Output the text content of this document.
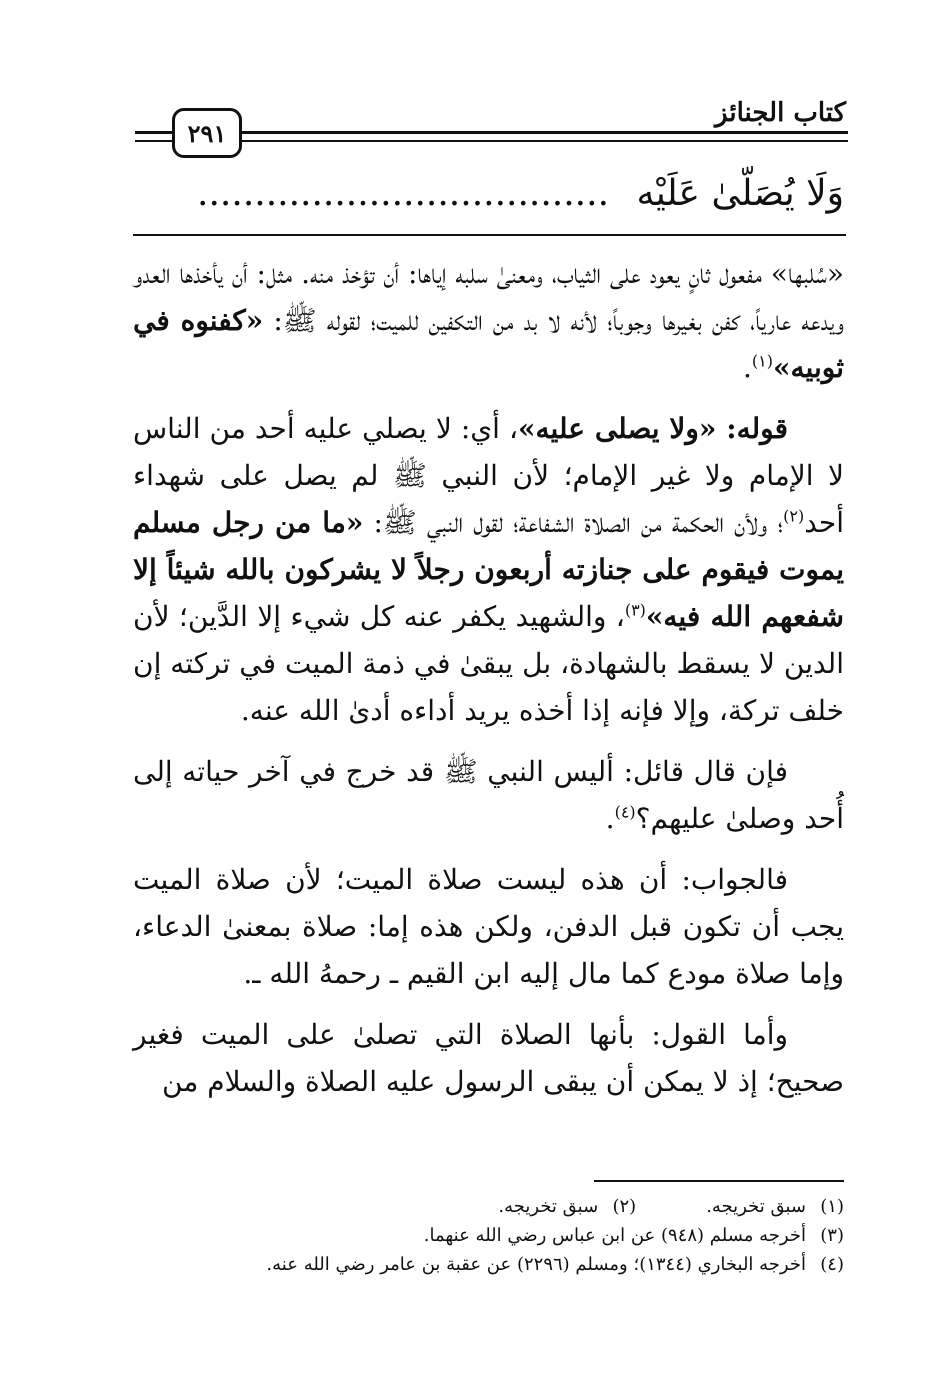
كتاب الجنائز
٢٩١
وَلَا يُصَلَّىٰ عَلَيْه ....................................

«سُلبها» مفعول ثانٍ يعود على الثياب، ومعنىٰ سلبه إياها: أن تؤخذ منه. مثل: أن يأخذها العدو ويدعه عارياً، كفن بغيرها وجوباً؛ لأنه لا بد من التكفين للميت؛ لقوله ﷺ: «كفنوه في ثوبيه»$^{(١)}$.

قوله: «ولا يصلى عليه»، أي: لا يصلي عليه أحد من الناس لا الإمام ولا غير الإمام؛ لأن النبي ﷺ لم يصل على شهداء أحد$^{(٢)}$؛ ولأن الحكمة من الصلاة الشفاعة؛ لقول النبي ﷺ: «ما من رجل مسلم يموت فيقوم على جنازته أربعون رجلاً لا يشركون بالله شيئاً إلا شفعهم الله فيه»$^{(٣)}$، والشهيد يكفر عنه كل شيء إلا الدَّين؛ لأن الدين لا يسقط بالشهادة، بل يبقىٰ في ذمة الميت في تركته إن خلف تركة، وإلا فإنه إذا أخذه يريد أداءه أدىٰ الله عنه.

فإن قال قائل: أليس النبي ﷺ قد خرج في آخر حياته إلى أُحد وصلىٰ عليهم؟$^{(٤)}$.

فالجواب: أن هذه ليست صلاة الميت؛ لأن صلاة الميت يجب أن تكون قبل الدفن، ولكن هذه إما: صلاة بمعنىٰ الدعاء، وإما صلاة مودع كما مال إليه ابن القيم ـ رحمهُ الله ـ.

وأما القول: بأنها الصلاة التي تصلىٰ على الميت فغير صحيح؛ إذ لا يمكن أن يبقى الرسول عليه الصلاة والسلام من

(١)سبق تخريجه.
(٢)سبق تخريجه.
(٣)أخرجه مسلم (٩٤٨) عن ابن عباس رضي الله عنهما.
(٤)أخرجه البخاري (١٣٤٤)؛ ومسلم (٢٢٩٦) عن عقبة بن عامر رضي الله عنه.
